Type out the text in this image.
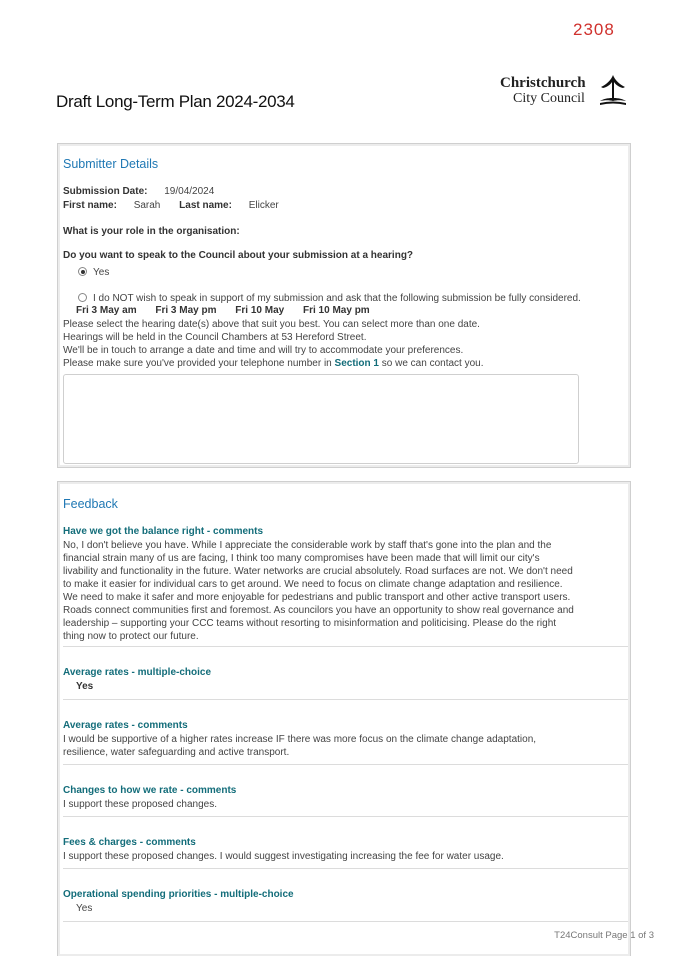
2308
Christchurch
City Council
Draft Long-Term Plan 2024-2034
Submitter Details
Submission Date: 19/04/2024
First name: Sarah Last name: Elicker
What is your role in the organisation:
Do you want to speak to the Council about your submission at a hearing?
Yes
I do NOT wish to speak in support of my submission and ask that the following submission be fully considered.
Fri 3 May am Fri 3 May pm Fri 10 May Fri 10 May pm
Please select the hearing date(s) above that suit you best. You can select more than one date.
Hearings will be held in the Council Chambers at 53 Hereford Street.
We'll be in touch to arrange a date and time and will try to accommodate your preferences.
Please make sure you've provided your telephone number in Section 1 so we can contact you.
Feedback
Have we got the balance right - comments
No, I don't believe you have. While I appreciate the considerable work by staff that's gone into the plan and the financial strain many of us are facing, I think too many compromises have been made that will limit our city's livability and functionality in the future. Water networks are crucial absolutely. Road surfaces are not. We don't need to make it easier for individual cars to get around. We need to focus on climate change adaptation and resilience. We need to make it safer and more enjoyable for pedestrians and public transport and other active transport users. Roads connect communities first and foremost. As councilors you have an opportunity to show real governance and leadership – supporting your CCC teams without resorting to misinformation and politicising. Please do the right thing now to protect our future.
Average rates - multiple-choice
Yes
Average rates - comments
I would be supportive of a higher rates increase IF there was more focus on the climate change adaptation, resilience, water safeguarding and active transport.
Changes to how we rate - comments
I support these proposed changes.
Fees & charges - comments
I support these proposed changes. I would suggest investigating increasing the fee for water usage.
Operational spending priorities - multiple-choice
Yes
T24Consult Page 1 of 3
